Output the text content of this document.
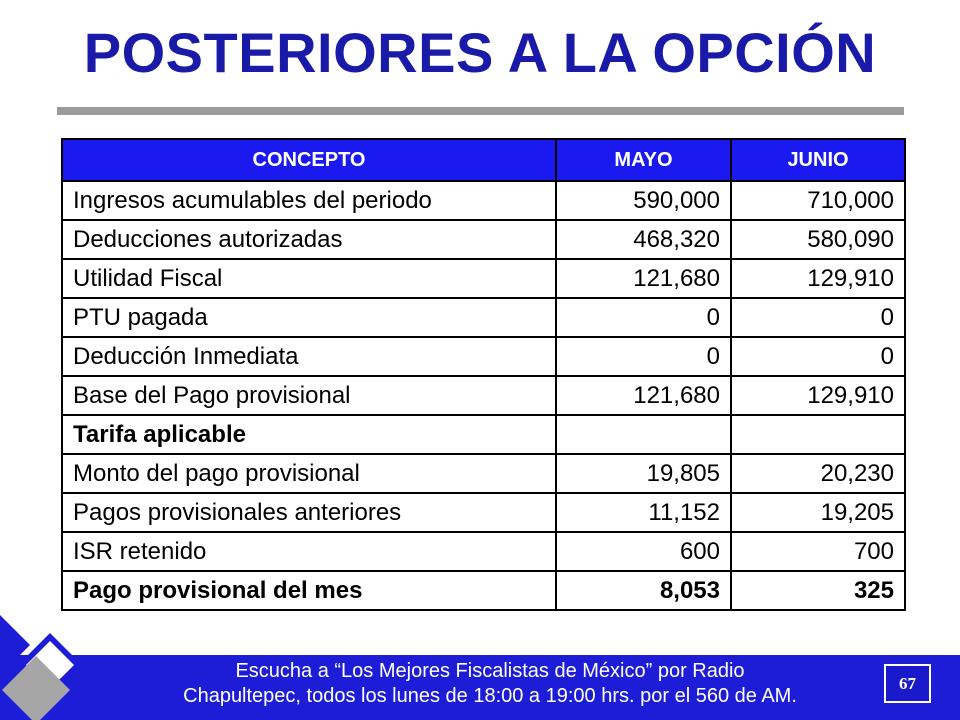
POSTERIORES A LA OPCIÓN
CONCEPTO	MAYO	JUNIO
Ingresos acumulables del periodo	590,000	710,000
Deducciones autorizadas	468,320	580,090
Utilidad Fiscal	121,680	129,910
PTU pagada	0	0
Deducción Inmediata	0	0
Base del Pago provisional	121,680	129,910
Tarifa aplicable		
Monto del pago provisional	19,805	20,230
Pagos provisionales anteriores	11,152	19,205
ISR retenido	600	700
Pago provisional del mes	8,053	325
Escucha a “Los Mejores Fiscalistas de México” por Radio
Chapultepec, todos los lunes de 18:00 a 19:00 hrs. por el 560 de AM.
67
